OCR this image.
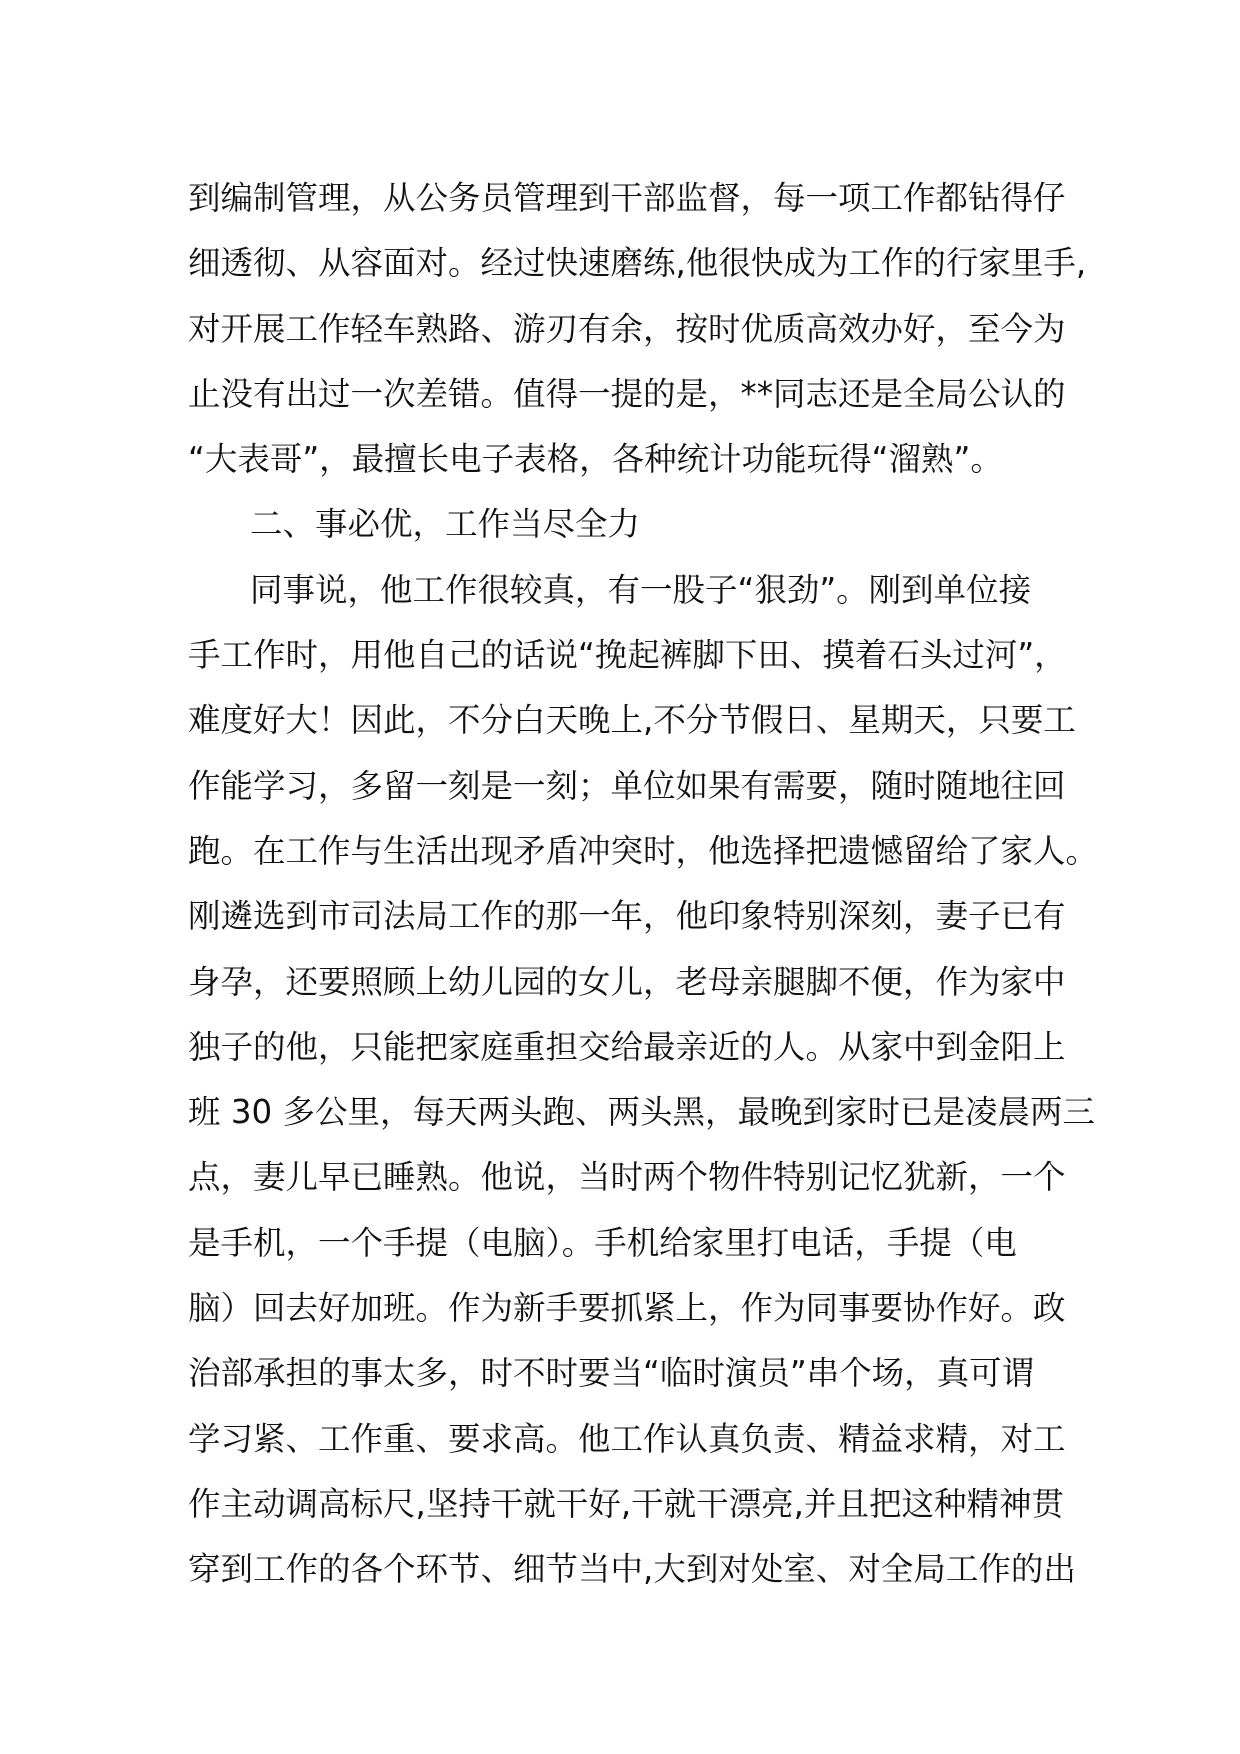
到编制管理，从公务员管理到干部监督，每一项工作都钻得仔
细透彻、从容面对。经过快速磨练,他很快成为工作的行家里手,
对开展工作轻车熟路、游刃有余，按时优质高效办好，至今为
止没有出过一次差错。值得一提的是，**同志还是全局公认的
“大表哥”，最擅长电子表格，各种统计功能玩得“溜熟”。
二、事必优，工作当尽全力
同事说，他工作很较真，有一股子“狠劲”。刚到单位接
手工作时，用他自己的话说“挽起裤脚下田、摸着石头过河”，
难度好大！因此，不分白天晚上,不分节假日、星期天，只要工
作能学习，多留一刻是一刻；单位如果有需要，随时随地往回
跑。在工作与生活出现矛盾冲突时，他选择把遗憾留给了家人。
刚遴选到市司法局工作的那一年，他印象特别深刻，妻子已有
身孕，还要照顾上幼儿园的女儿，老母亲腿脚不便，作为家中
独子的他，只能把家庭重担交给最亲近的人。从家中到金阳上
班 30 多公里，每天两头跑、两头黑，最晚到家时已是凌晨两三
点，妻儿早已睡熟。他说，当时两个物件特别记忆犹新，一个
是手机，一个手提（电脑）。手机给家里打电话，手提（电
脑）回去好加班。作为新手要抓紧上，作为同事要协作好。政
治部承担的事太多，时不时要当“临时演员”串个场，真可谓
学习紧、工作重、要求高。他工作认真负责、精益求精，对工
作主动调高标尺,坚持干就干好,干就干漂亮,并且把这种精神贯
穿到工作的各个环节、细节当中,大到对处室、对全局工作的出
